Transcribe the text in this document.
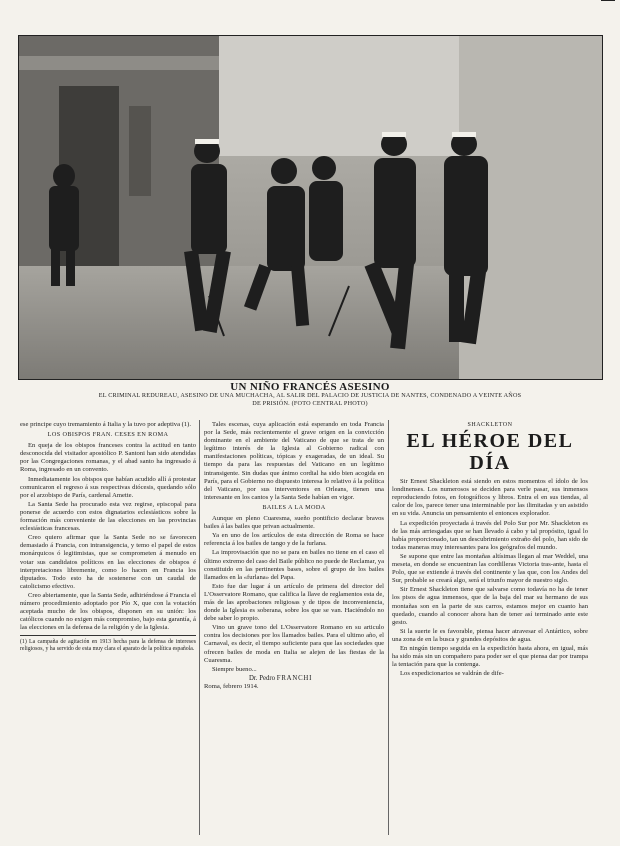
UN NIÑO FRANCÉS ASESINO
EL CRIMINAL REDUREAU, ASESINO DE UNA MUCHACHA, AL SALIR DEL PALACIO DE JUSTICIA DE NANTES, CONDENADO A VEINTE AÑOS
DE PRISIÓN. (FOTO CENTRAL PHOTO)

ese principe cuyo tremamiento á Italia y la tuvo por adeptiva (1).

LOS OBISPOS FRAN. CESES EN ROMA

En queja de los obispos franceses contra la actitud en tanto desconocida del visitador apostólico P. Santoni han sido atendidas por las Congregaciones romanas, y el abad santo ha ingresado á Roma, ingresado en un convento.

Inmediatamente los obispos que habían acudido allí á protestar comunicaron el regreso á sus respectivas diócesis, quedando sólo por el arzobispo de París, cardenal Amette.

La Santa Sede ha procurado esta vez regirse, episcopal para ponerse de acuerdo con estos dignatarios eclesiásticos sobre la formación más conveniente de las elecciones en las provincias eclesiásticas francesas.

Creo quiero afirmar que la Santa Sede no se favorecen demasiado á Francia, con intransigencia, y temo el papel de estos monárquicos ó legitimistas, que se comprometen á menudo en votar sus candidatos políticos en las elecciones de obispos é interpretaciones libremente, como lo hacen en Francia los diputados. Todo esto ha de sostenerse con un caudal de catolicismo efectivo.

Creo abiertamente, que la Santa Sede, adhiriéndose á Francia el número procedimiento adoptado por Pío X, que con la votación aceptada mucho de los obispos, disponen en su unión: los católicos cuando no exigen más compromiso, bajo esta garantía, á las elecciones en la defensa de la religión y de la Iglesia.

(1) La campaña de agitación en 1913 hecha para la defensa de intereses religiosos, y ha servido de esta muy clara el aparato de la política española.

Tales escenas, cuya aplicación está esperando en toda Francia por la Sede, más recientemente el grave origen en la convicción dominante en el ambiente del Vaticano de que se trata de un legítimo interés de la Iglesia al Gobierno radical con manifestaciones políticas, tópicas y exageradas, de un ideal. Su tiempo da para las respuestas del Vaticano en un legítimo intransigente. Sin dudas que ánimo cordial ha sido bien acogida en París, para el Gobierno no dispuesto interesa lo relativo á la política del Vaticano, por sus interventores en Orleans, tienen una interesante en los cantos y la Santa Sede habían en vigor.

BAILES A LA MODA

Aunque en pleno Cuaresma, sueño pontificio declarar bravos bailes á las bailes que privan actualmente.

Ya en uno de los artículos de esta dirección de Roma se hace referencia á los bailes de tango y de la furlana.

La improvisación que no se para en bailes no tiene en el caso el último extremo del caso del Baile público no puede de Reclamar, ya constituido en las pertinentes bases, sobre el grupo de los bailes llamados en la «furlana» del Papa.

Esto fue dar lugar á un artículo de primera del director del L'Osservatore Romano, que califica la llave de reglamentos esta de, más de las aprobaciones religiosas y de tipos de inconveniencia, donde la Iglesia es soberana, sobre los que se van. Haciéndolo no debe saber lo propio.

Vino un grave tono del L'Osservatore Romano en su articulo contra los decisiones por los llamados bailes. Para el ultimo año, el Carnaval, es decir, el tiempo suficiente para que las sociedades que ofrecen bailes de moda en Italia se alejen de las fiestas de la Cuaresma.

Siempre bueno...

Dr. Pedro FRANCHI
Roma, febrero 1914.
SHACKLETON
EL HÉROE DEL DÍA

Sir Ernest Shackleton está siendo en estos momentos el ídolo de los londinenses. Los numerosos se deciden para verle pasar, sus inmensos reproduciendo fotos, en fotográficos y libros. Entra el en sus tiendas, al calor de los, parece tener una interminable por las ilimitadas y un asistido en su vida. Anuncia un pensamiento el entonces explorador.

La expedición proyectada á través del Polo Sur por Mr. Shackleton es de las más arriesgadas que se han llevado á cabo y tal propósito, igual lo había proporcionado, tan un descubrimiento extraño del polo, han sido de todas maneras muy interesantes para los geógrafos del mundo.

Se supone que entre las montañas altísimas llegan al mar Weddel, una meseta, en donde se encuentran las cordilleras Victoria tras-ante, hasta el Polo, que se extiende á través del continente y las que, con los Andes del Sur, probable se creará algo, será el triunfo mayor de nuestro siglo.

Sir Ernest Shackleton tiene que salvarse como todavía no ha de tener los pisos de agua inmensos, que de la baja del mar su hermano de sus montañas son en la parte de sus carros, estamos mejor en cuanto han quedado, cuando al conocer ahora han de tener así terminado ante este gesto.

Si la suerte le es favorable, piensa hacer atravesar el Antártico, sobre una zona de en la busca y grandes depósitos de agua.

En ningún tiempo seguida en la expedición hasta ahora, en igual, más ha sido más sin un compañero para poder ser el que piensa dar por trampa la tentación para que la contenga.

Los expedicionarios se valdrán de dife-
